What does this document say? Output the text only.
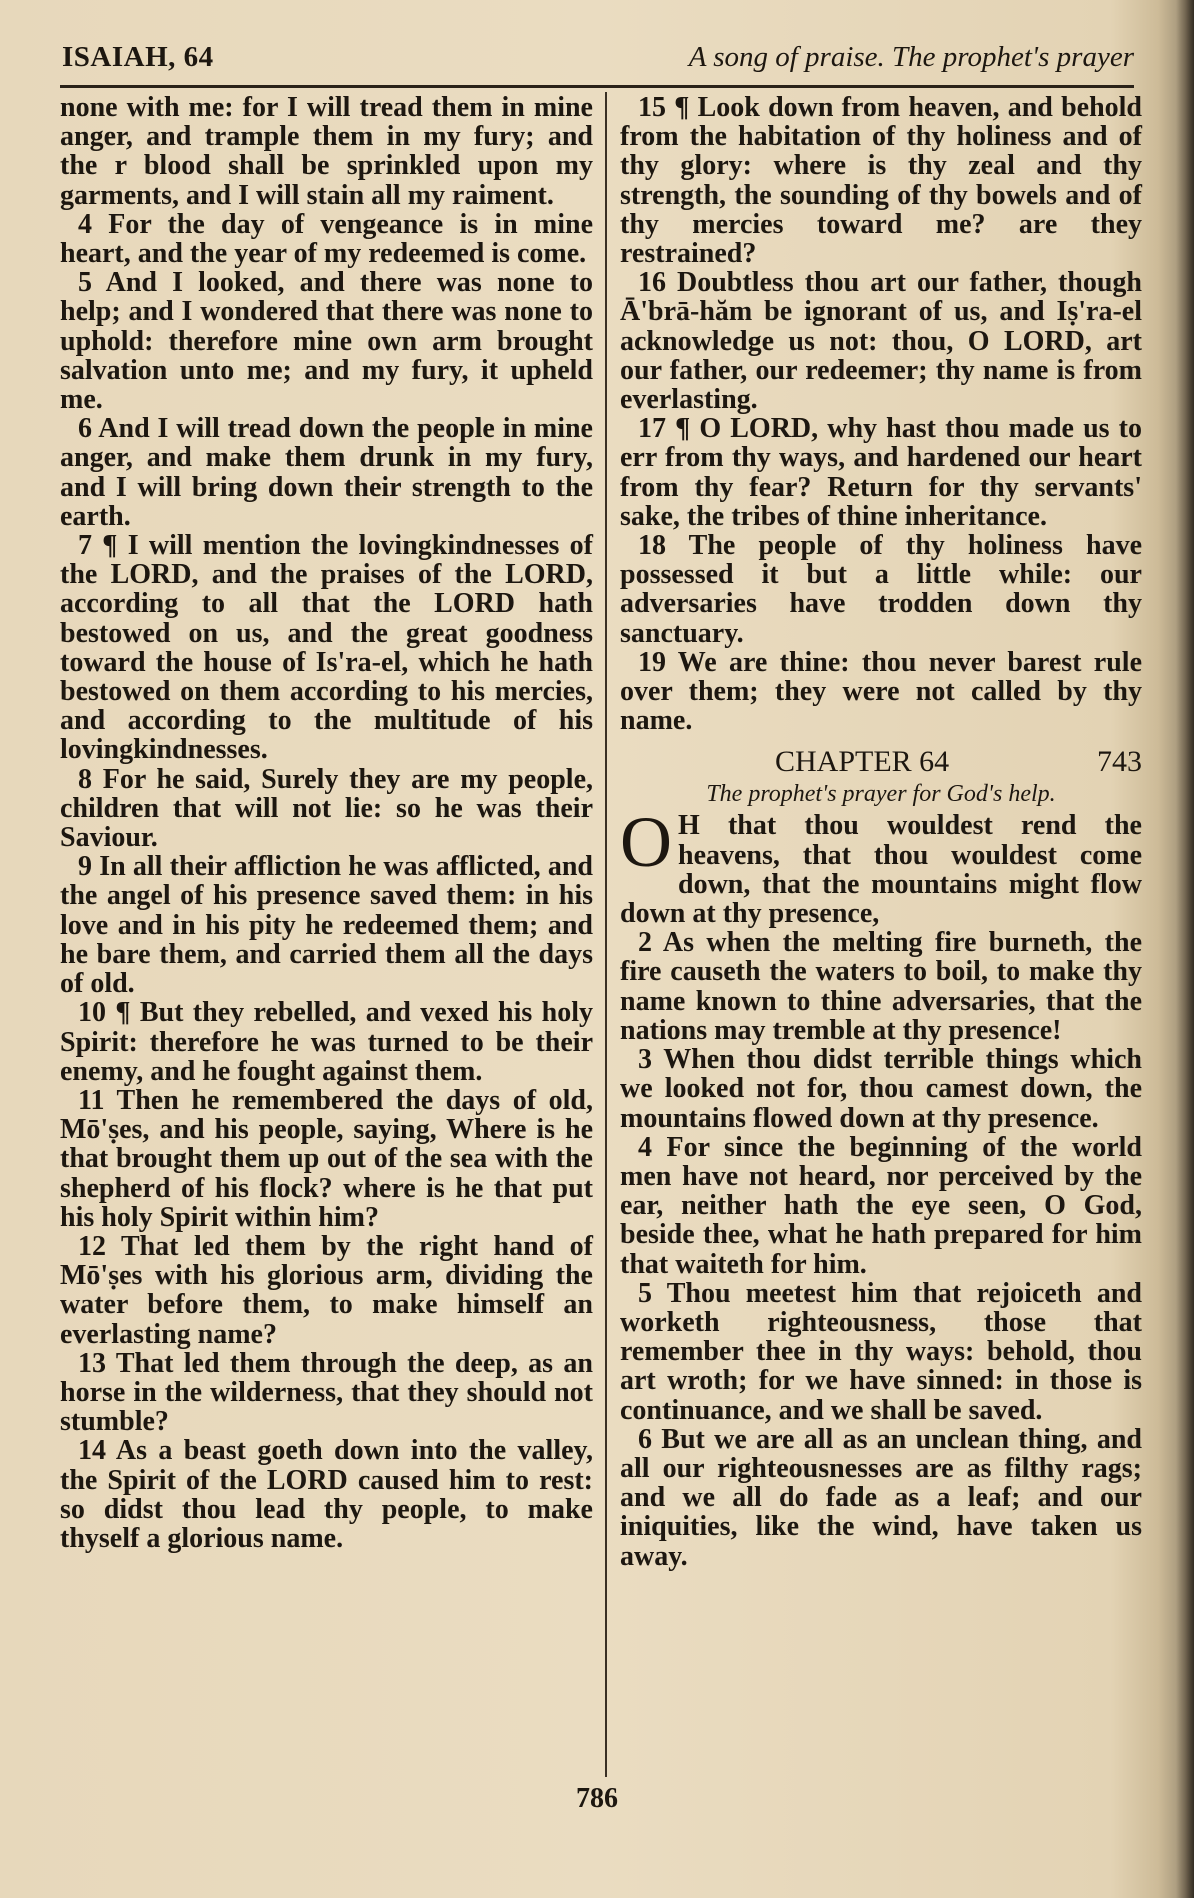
ISAIAH, 64	A song of praise. The prophet's prayer

none with me: for I will tread them in mine anger, and trample them in my fury; and the r blood shall be sprinkled upon my garments, and I will stain all my raiment.

4 For the day of vengeance is in mine heart, and the year of my redeemed is come.

5 And I looked, and there was none to help; and I wondered that there was none to uphold: therefore mine own arm brought salvation unto me; and my fury, it upheld me.

6 And I will tread down the people in mine anger, and make them drunk in my fury, and I will bring down their strength to the earth.

7 ¶ I will mention the lovingkindnesses of the LORD, and the praises of the LORD, according to all that the LORD hath bestowed on us, and the great goodness toward the house of Is'ra-el, which he hath bestowed on them according to his mercies, and according to the multitude of his lovingkindnesses.

8 For he said, Surely they are my people, children that will not lie: so he was their Saviour.

9 In all their affliction he was afflicted, and the angel of his presence saved them: in his love and in his pity he redeemed them; and he bare them, and carried them all the days of old.

10 ¶ But they rebelled, and vexed his holy Spirit: therefore he was turned to be their enemy, and he fought against them.

11 Then he remembered the days of old, Mō'ṣes, and his people, saying, Where is he that brought them up out of the sea with the shepherd of his flock? where is he that put his holy Spirit within him?

12 That led them by the right hand of Mō'ṣes with his glorious arm, dividing the water before them, to make himself an everlasting name?

13 That led them through the deep, as an horse in the wilderness, that they should not stumble?

14 As a beast goeth down into the valley, the Spirit of the LORD caused him to rest: so didst thou lead thy people, to make thyself a glorious name.

15 ¶ Look down from heaven, and behold from the habitation of thy holiness and of thy glory: where is thy zeal and thy strength, the sounding of thy bowels and of thy mercies toward me? are they restrained?

16 Doubtless thou art our father, though Ā'brā-hăm be ignorant of us, and Iṣ'ra-el acknowledge us not: thou, O LORD, art our father, our redeemer; thy name is from everlasting.

17 ¶ O LORD, why hast thou made us to err from thy ways, and hardened our heart from thy fear? Return for thy servants' sake, the tribes of thine inheritance.

18 The people of thy holiness have possessed it but a little while: our adversaries have trodden down thy sanctuary.

19 We are thine: thou never barest rule over them; they were not called by thy name.

CHAPTER 64	743

The prophet's prayer for God's help.

O H that thou wouldest rend the heavens, that thou wouldest come down, that the mountains might flow down at thy presence,

2 As when the melting fire burneth, the fire causeth the waters to boil, to make thy name known to thine adversaries, that the nations may tremble at thy presence!

3 When thou didst terrible things which we looked not for, thou camest down, the mountains flowed down at thy presence.

4 For since the beginning of the world men have not heard, nor perceived by the ear, neither hath the eye seen, O God, beside thee, what he hath prepared for him that waiteth for him.

5 Thou meetest him that rejoiceth and worketh righteousness, those that remember thee in thy ways: behold, thou art wroth; for we have sinned: in those is continuance, and we shall be saved.

6 But we are all as an unclean thing, and all our righteousnesses are as filthy rags; and we all do fade as a leaf; and our iniquities, like the wind, have taken us away.

786
